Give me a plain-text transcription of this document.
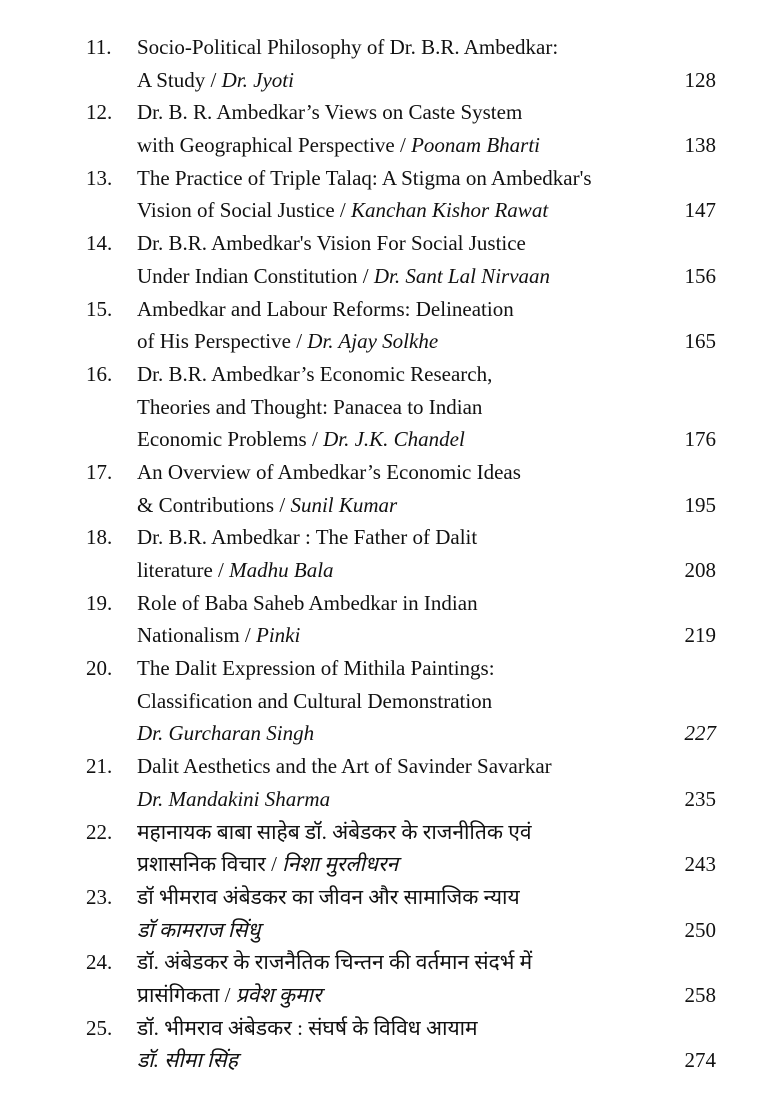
11. Socio-Political Philosophy of Dr. B.R. Ambedkar:
A Study / Dr. Jyoti	128
12. Dr. B. R. Ambedkar’s Views on Caste System
with Geographical Perspective / Poonam Bharti	138
13. The Practice of Triple Talaq: A Stigma on Ambedkar's
Vision of Social Justice / Kanchan Kishor Rawat	147
14. Dr. B.R. Ambedkar's Vision For Social Justice
Under Indian Constitution / Dr. Sant Lal Nirvaan	156
15. Ambedkar and Labour Reforms: Delineation
of His Perspective / Dr. Ajay Solkhe	165
16. Dr. B.R. Ambedkar’s Economic Research,
Theories and Thought: Panacea to Indian
Economic Problems / Dr. J.K. Chandel	176
17. An Overview of Ambedkar’s Economic Ideas
& Contributions / Sunil Kumar	195
18. Dr. B.R. Ambedkar : The Father of Dalit
literature / Madhu Bala	208
19. Role of Baba Saheb Ambedkar in Indian
Nationalism / Pinki	219
20. The Dalit Expression of Mithila Paintings:
Classification and Cultural Demonstration
Dr. Gurcharan Singh	227
21. Dalit Aesthetics and the Art of Savinder Savarkar
Dr. Mandakini Sharma	235
22. महानायक बाबा साहेब डॉ. अंबेडकर के राजनीतिक एवं
प्रशासनिक विचार / निशा मुरलीधरन	243
23. डॉ भीमराव अंबेडकर का जीवन और सामाजिक न्याय
डॉ कामराज सिंधु	250
24. डॉ. अंबेडकर के राजनैतिक चिन्तन की वर्तमान संदर्भ में
प्रासंगिकता / प्रवेश कुमार	258
25. डॉ. भीमराव अंबेडकर : संघर्ष के विविध आयाम
डॉ. सीमा सिंह	274
